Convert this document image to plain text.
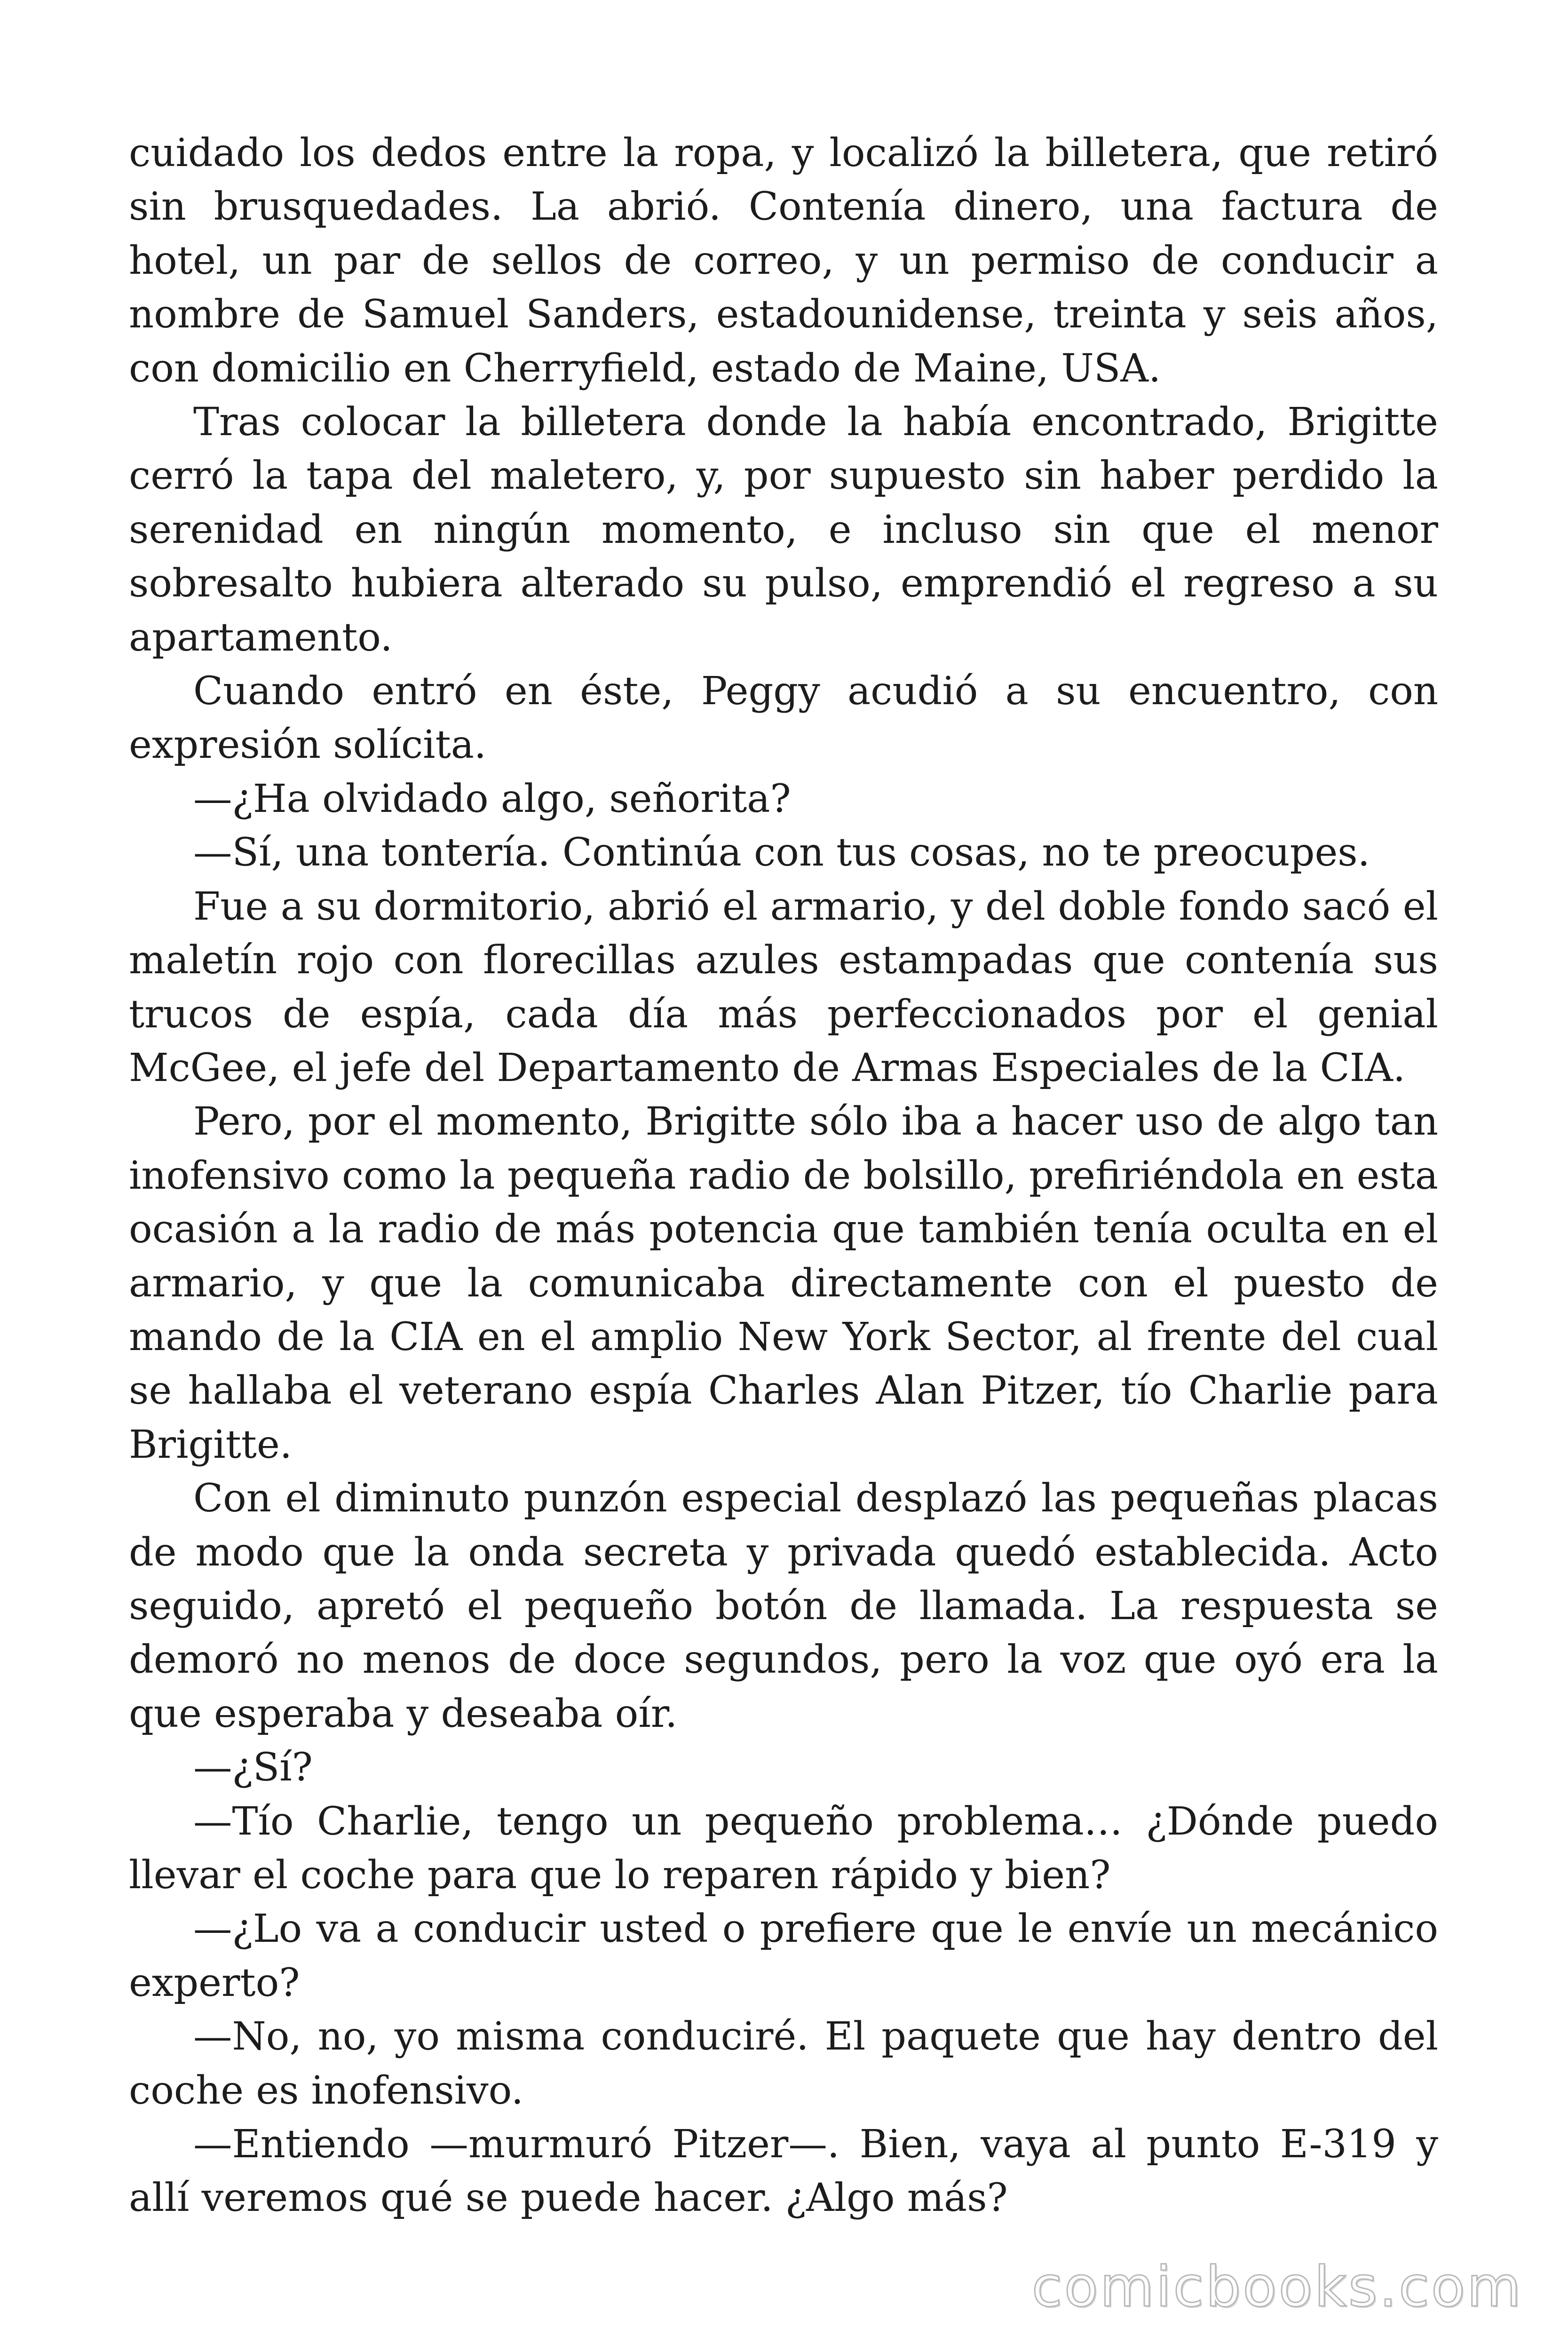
cuidado los dedos entre la ropa, y localizó la billetera, que retiró sin brusquedades. La abrió. Contenía dinero, una factura de hotel, un par de sellos de correo, y un permiso de conducir a nombre de Samuel Sanders, estadounidense, treinta y seis años, con domicilio en Cherryfield, estado de Maine, USA.

Tras colocar la billetera donde la había encontrado, Brigitte cerró la tapa del maletero, y, por supuesto sin haber perdido la serenidad en ningún momento, e incluso sin que el menor sobresalto hubiera alterado su pulso, emprendió el regreso a su apartamento.

Cuando entró en éste, Peggy acudió a su encuentro, con expresión solícita.

—¿Ha olvidado algo, señorita?

—Sí, una tontería. Continúa con tus cosas, no te preocupes.

Fue a su dormitorio, abrió el armario, y del doble fondo sacó el maletín rojo con florecillas azules estampadas que contenía sus trucos de espía, cada día más perfeccionados por el genial McGee, el jefe del Departamento de Armas Especiales de la CIA.

Pero, por el momento, Brigitte sólo iba a hacer uso de algo tan inofensivo como la pequeña radio de bolsillo, prefiriéndola en esta ocasión a la radio de más potencia que también tenía oculta en el armario, y que la comunicaba directamente con el puesto de mando de la CIA en el amplio New York Sector, al frente del cual se hallaba el veterano espía Charles Alan Pitzer, tío Charlie para Brigitte.

Con el diminuto punzón especial desplazó las pequeñas placas de modo que la onda secreta y privada quedó establecida. Acto seguido, apretó el pequeño botón de llamada. La respuesta se demoró no menos de doce segundos, pero la voz que oyó era la que esperaba y deseaba oír.

—¿Sí?

—Tío Charlie, tengo un pequeño problema… ¿Dónde puedo llevar el coche para que lo reparen rápido y bien?

—¿Lo va a conducir usted o prefiere que le envíe un mecánico experto?

—No, no, yo misma conduciré. El paquete que hay dentro del coche es inofensivo.

—Entiendo —murmuró Pitzer—. Bien, vaya al punto E-319 y allí veremos qué se puede hacer. ¿Algo más?

comicbooks.com
